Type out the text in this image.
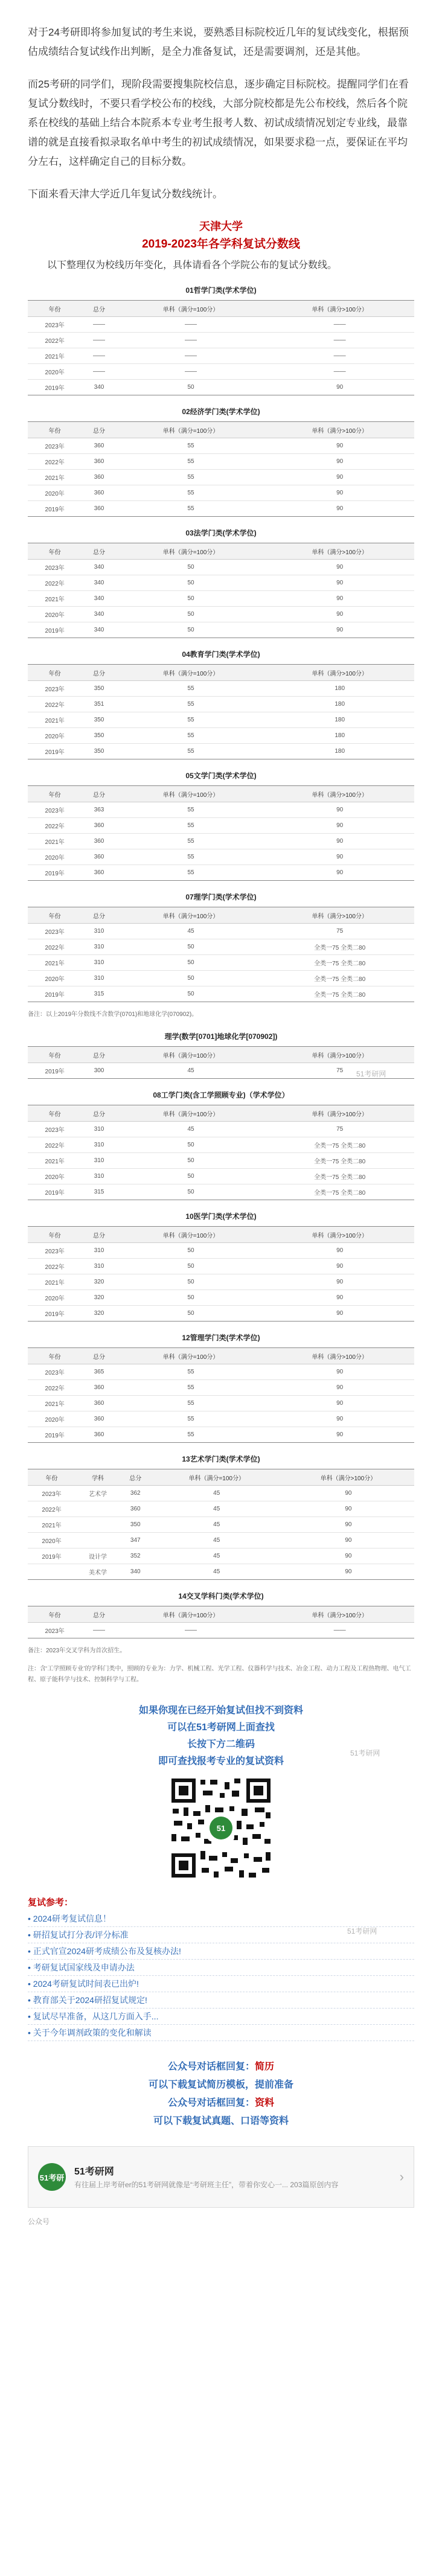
对于24考研即将参加复试的考生来说，要熟悉目标院校近几年的复试线变化，根据预估成绩结合复试线作出判断，是全力准备复试，还是需要调剂，还是其他。

而25考研的同学们，现阶段需要搜集院校信息，逐步确定目标院校。提醒同学们在看复试分数线时，不要只看学校公布的校线，大部分院校都是先公布校线，然后各个院系在校线的基础上结合本院系本专业考生报考人数、初试成绩情况划定专业线，最靠谱的就是直接看拟录取名单中考生的初试成绩情况，如果要求稳一点，要保证在平均分左右，这样确定自己的目标分数。

下面来看天津大学近几年复试分数线统计。

天津大学

2019-2023年各学科复试分数线

以下整理仅为校线历年变化，具体请看各个学院公布的复试分数线。

01哲学门类(学术学位)
年份	总分	单科（满分=100分）	单科（满分>100分）
2023年	——	——	——
2022年	——	——	——
2021年	——	——	——
2020年	——	——	——
2019年	340	50	90
02经济学门类(学术学位)
年份	总分	单科（满分=100分）	单科（满分>100分）
2023年	360	55	90
2022年	360	55	90
2021年	360	55	90
2020年	360	55	90
2019年	360	55	90
03法学门类(学术学位)
年份	总分	单科（满分=100分）	单科（满分>100分）
2023年	340	50	90
2022年	340	50	90
2021年	340	50	90
2020年	340	50	90
2019年	340	50	90
04教育学门类(学术学位)
年份	总分	单科（满分=100分）	单科（满分>100分）
2023年	350	55	180
2022年	351	55	180
2021年	350	55	180
2020年	350	55	180
2019年	350	55	180
05文学门类(学术学位)
年份	总分	单科（满分=100分）	单科（满分>100分）
2023年	363	55	90
2022年	360	55	90
2021年	360	55	90
2020年	360	55	90
2019年	360	55	90
07理学门类(学术学位)
年份	总分	单科（满分=100分）	单科（满分>100分）
2023年	310	45	75
2022年	310	50	全类一75 全类二80
2021年	310	50	全类一75 全类二80
2020年	310	50	全类一75 全类二80
2019年	315	50	全类一75 全类二80
备注：以上2019年分数线不含数学(0701)和地球化学(070902)。
理学(数学[0701]地球化学[070902])
年份	总分	单科（满分=100分）	单科（满分>100分）
2019年	300	45	75
08工学门类(含工学照顾专业)（学术学位）
年份	总分	单科（满分=100分）	单科（满分>100分）
2023年	310	45	75
2022年	310	50	全类一75 全类二80
2021年	310	50	全类一75 全类二80
2020年	310	50	全类一75 全类二80
2019年	315	50	全类一75 全类二80
10医学门类(学术学位)
年份	总分	单科（满分=100分）	单科（满分>100分）
2023年	310	50	90
2022年	310	50	90
2021年	320	50	90
2020年	320	50	90
2019年	320	50	90
12管理学门类(学术学位)
年份	总分	单科（满分=100分）	单科（满分>100分）
2023年	365	55	90
2022年	360	55	90
2021年	360	55	90
2020年	360	55	90
2019年	360	55	90
13艺术学门类(学术学位)
年份	学科	总分	单科（满分=100分）	单科（满分>100分）
2023年	艺术学	362	45	90
2022年		360	45	90
2021年		350	45	90
2020年		347	45	90
2019年	设计学	352	45	90
	美术学	340	45	90
14交叉学科门类(学术学位)
年份	总分	单科（满分=100分）	单科（满分>100分）
2023年	——	——	——
备注：2023年交叉学科为首次招生。
注：含‘工学照顾专业’的学科门类中，照顾的专业为：力学、机械工程、光学工程、仪器科学与技术、冶金工程、动力工程及工程热物理、电气工程、原子能科学与技术、控制科学与工程。

如果你现在已经开始复试但找不到资料

可以在51考研网上面查找

长按下方二维码

即可查找报考专业的复试资料

51
复试参考：
• 2024研考复试信息！
• 研招复试打分表/评分标准
• 正式官宣2024研考成绩公布及复核办法!
• 考研复试国家线及申请办法
• 2024考研复试时间表已出炉!
• 教育部关于2024研招复试规定!
• 复试尽早准备，从这几方面入手...
• 关于今年调剂政策的变化和解读

公众号对话框回复：简历

可以下载复试简历模板，提前准备

公众号对话框回复：资料

可以下载复试真题、口语等资料

51考研
51考研网
有往届上岸考研er的51考研网就像是“考研班主任”，带着你安心一... 203篇原创内容
›
公众号
51考研网
51考研网
51考研网
